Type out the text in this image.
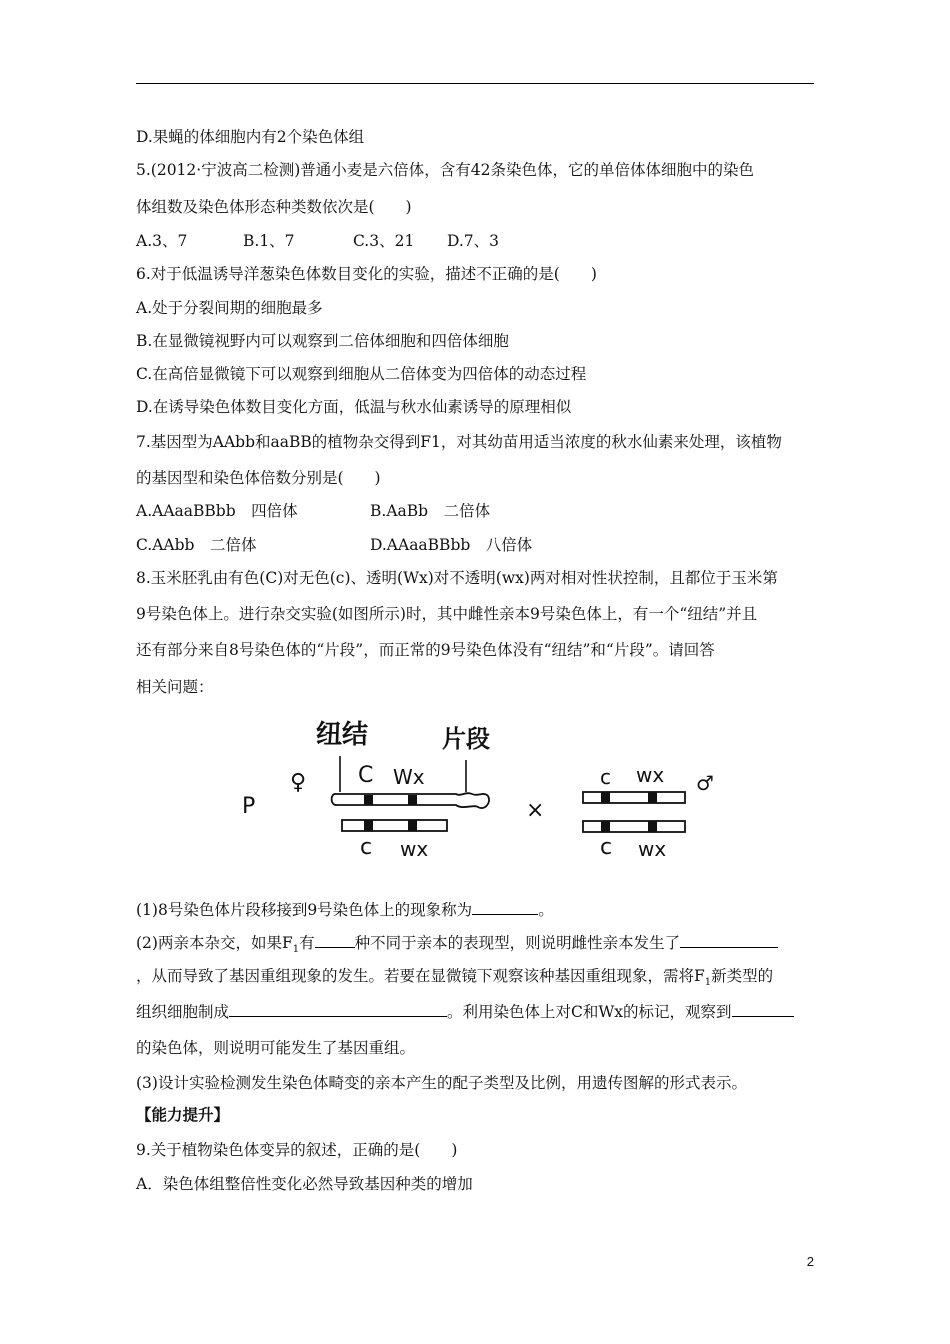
D.果蝇的体细胞内有2个染色体组
5.(2012·宁波高二检测)普通小麦是六倍体，含有42条染色体，它的单倍体体细胞中的染色
体组数及染色体形态种类数依次是(　　)
A.3、7	B.1、7	C.3、21 D.7、3
6.对于低温诱导洋葱染色体数目变化的实验，描述不正确的是(　　)
A.处于分裂间期的细胞最多
B.在显微镜视野内可以观察到二倍体细胞和四倍体细胞
C.在高倍显微镜下可以观察到细胞从二倍体变为四倍体的动态过程
D.在诱导染色体数目变化方面，低温与秋水仙素诱导的原理相似
7.基因型为AAbb和aaBB的植物杂交得到F1，对其幼苗用适当浓度的秋水仙素来处理，该植物
的基因型和染色体倍数分别是(　　)
A.AAaaBBbb　四倍体	B.AaBb　二倍体
C.AAbb　二倍体	D.AAaaBBbb　八倍体
8.玉米胚乳由有色(C)对无色(c)、透明(Wx)对不透明(wx)两对相对性状控制，且都位于玉米第
9号染色体上。进行杂交实验(如图所示)时，其中雌性亲本9号染色体上，有一个“纽结”并且
还有部分来自8号染色体的“片段”，而正常的9号染色体没有“纽结”和“片段”。请回答
相关问题：
纽结	片段
P
♀
×
♂
C Wx
c wx
c wx
c wx
(1)8号染色体片段移接到9号染色体上的现象称为	。
(2)两亲本杂交，如果$F_1$有	种不同于亲本的表现型，则说明雌性亲本发生了
，从而导致了基因重组现象的发生。若要在显微镜下观察该种基因重组现象，需将$F_1$新类型的
组织细胞制成	。利用染色体上对C和Wx的标记，观察到
的染色体，则说明可能发生了基因重组。
(3)设计实验检测发生染色体畸变的亲本产生的配子类型及比例，用遗传图解的形式表示。
【能力提升】
9.关于植物染色体变异的叙述，正确的是(　　)
A．染色体组整倍性变化必然导致基因种类的增加
2
